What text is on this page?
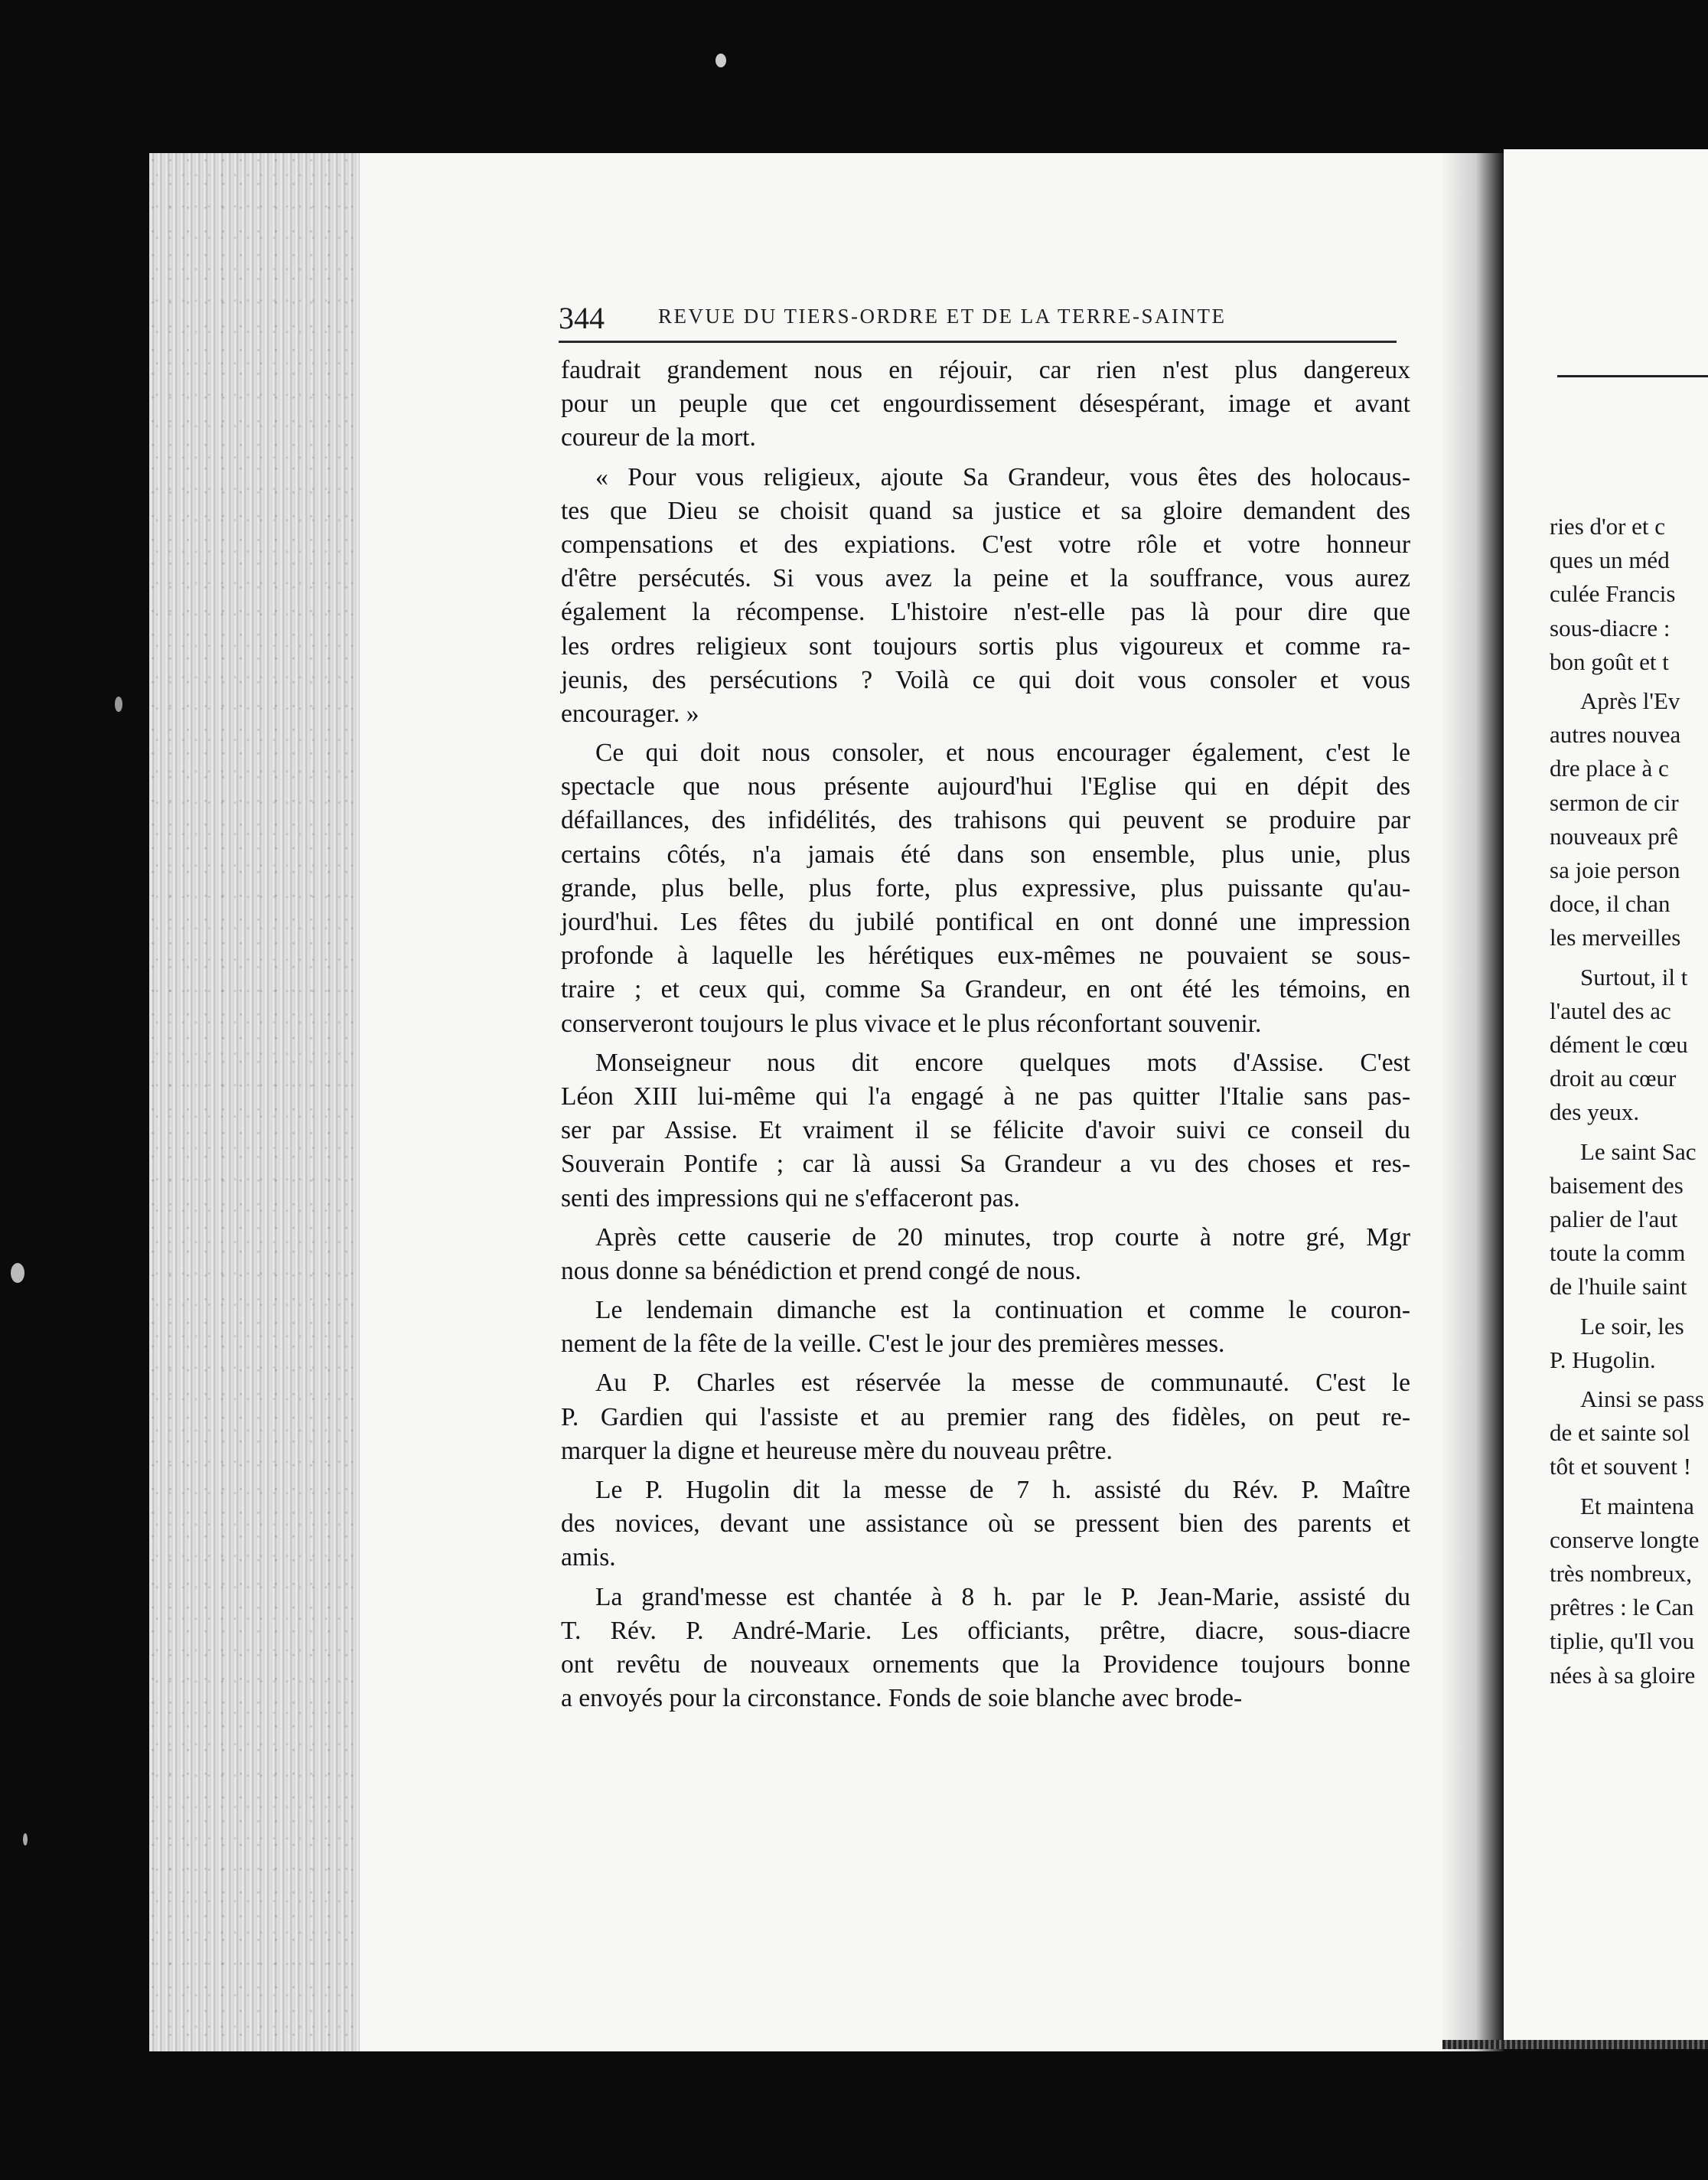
ries d'or et c
ques un méd
culée Francis
sous-diacre :
bon goût et t
Après l'Ev
autres nouvea
dre place à c
sermon de cir
nouveaux prê
sa joie person
doce, il chan
les merveilles
Surtout, il t
l'autel des ac
dément le cœu
droit au cœur
des yeux.
Le saint Sac
baisement des
palier de l'aut
toute la comm
de l'huile saint
Le soir, les
P. Hugolin.
Ainsi se pass
de et sainte sol
tôt et souvent !
Et maintena
conserve longte
très nombreux,
prêtres : le Can
tiplie, qu'Il vou
nées à sa gloire
344	REVUE DU TIERS-ORDRE ET DE LA TERRE-SAINTE
faudrait grandement nous en réjouir, car rien n'est plus dangereux
pour un peuple que cet engourdissement désespérant, image et avant
coureur de la mort.
« Pour vous religieux, ajoute Sa Grandeur, vous êtes des holocaus-
tes que Dieu se choisit quand sa justice et sa gloire demandent des
compensations et des expiations. C'est votre rôle et votre honneur
d'être persécutés. Si vous avez la peine et la souffrance, vous aurez
également la récompense. L'histoire n'est-elle pas là pour dire que
les ordres religieux sont toujours sortis plus vigoureux et comme ra-
jeunis, des persécutions ? Voilà ce qui doit vous consoler et vous
encourager. »
Ce qui doit nous consoler, et nous encourager également, c'est le
spectacle que nous présente aujourd'hui l'Eglise qui en dépit des
défaillances, des infidélités, des trahisons qui peuvent se produire par
certains côtés, n'a jamais été dans son ensemble, plus unie, plus
grande, plus belle, plus forte, plus expressive, plus puissante qu'au-
jourd'hui. Les fêtes du jubilé pontifical en ont donné une impression
profonde à laquelle les hérétiques eux-mêmes ne pouvaient se sous-
traire ; et ceux qui, comme Sa Grandeur, en ont été les témoins, en
conserveront toujours le plus vivace et le plus réconfortant souvenir.
Monseigneur nous dit encore quelques mots d'Assise. C'est
Léon XIII lui-même qui l'a engagé à ne pas quitter l'Italie sans pas-
ser par Assise. Et vraiment il se félicite d'avoir suivi ce conseil du
Souverain Pontife ; car là aussi Sa Grandeur a vu des choses et res-
senti des impressions qui ne s'effaceront pas.
Après cette causerie de 20 minutes, trop courte à notre gré, Mgr
nous donne sa bénédiction et prend congé de nous.
Le lendemain dimanche est la continuation et comme le couron-
nement de la fête de la veille. C'est le jour des premières messes.
Au P. Charles est réservée la messe de communauté. C'est le
P. Gardien qui l'assiste et au premier rang des fidèles, on peut re-
marquer la digne et heureuse mère du nouveau prêtre.
Le P. Hugolin dit la messe de 7 h. assisté du Rév. P. Maître
des novices, devant une assistance où se pressent bien des parents et
amis.
La grand'messe est chantée à 8 h. par le P. Jean-Marie, assisté du
T. Rév. P. André-Marie. Les officiants, prêtre, diacre, sous-diacre
ont revêtu de nouveaux ornements que la Providence toujours bonne
a envoyés pour la circonstance. Fonds de soie blanche avec brode-
